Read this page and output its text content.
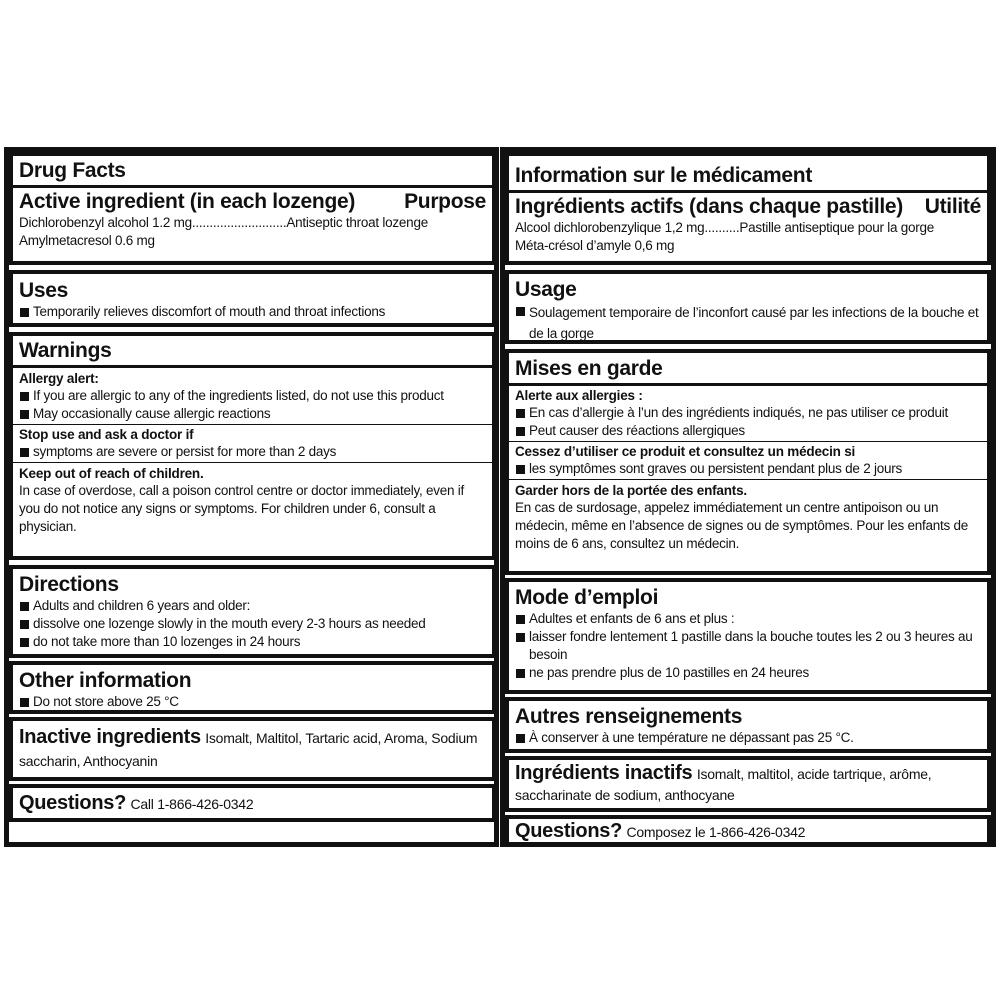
Drug Facts
Active ingredient (in each lozenge) Purpose
Dichlorobenzyl alcohol 1.2 mg...........................Antiseptic throat lozenge
Amylmetacresol 0.6 mg
Uses
Temporarily relieves discomfort of mouth and throat infections
Warnings
Allergy alert:
If you are allergic to any of the ingredients listed, do not use this product
May occasionally cause allergic reactions
Stop use and ask a doctor if
symptoms are severe or persist for more than 2 days
Keep out of reach of children.
In case of overdose, call a poison control centre or doctor immediately, even if you do not notice any signs or symptoms. For children under 6, consult a physician.
Directions
Adults and children 6 years and older:
dissolve one lozenge slowly in the mouth every 2-3 hours as needed
do not take more than 10 lozenges in 24 hours
Other information
Do not store above 25 °C
Inactive ingredients Isomalt, Maltitol, Tartaric acid, Aroma, Sodium saccharin, Anthocyanin
Questions? Call 1-866-426-0342
Information sur le médicament
Ingrédients actifs (dans chaque pastille) Utilité
Alcool dichlorobenzylique 1,2 mg..........Pastille antiseptique pour la gorge
Méta-crésol d’amyle 0,6 mg
Usage
Soulagement temporaire de l’inconfort causé par les infections de la bouche et de la gorge
Mises en garde
Alerte aux allergies :
En cas d’allergie à l’un des ingrédients indiqués, ne pas utiliser ce produit
Peut causer des réactions allergiques
Cessez d’utiliser ce produit et consultez un médecin si
les symptômes sont graves ou persistent pendant plus de 2 jours
Garder hors de la portée des enfants.
En cas de surdosage, appelez immédiatement un centre antipoison ou un médecin, même en l’absence de signes ou de symptômes. Pour les enfants de moins de 6 ans, consultez un médecin.
Mode d’emploi
Adultes et enfants de 6 ans et plus :
laisser fondre lentement 1 pastille dans la bouche toutes les 2 ou 3 heures au besoin
ne pas prendre plus de 10 pastilles en 24 heures
Autres renseignements
À conserver à une température ne dépassant pas 25 °C.
Ingrédients inactifs Isomalt, maltitol, acide tartrique, arôme, saccharinate de sodium, anthocyane
Questions? Composez le 1-866-426-0342
